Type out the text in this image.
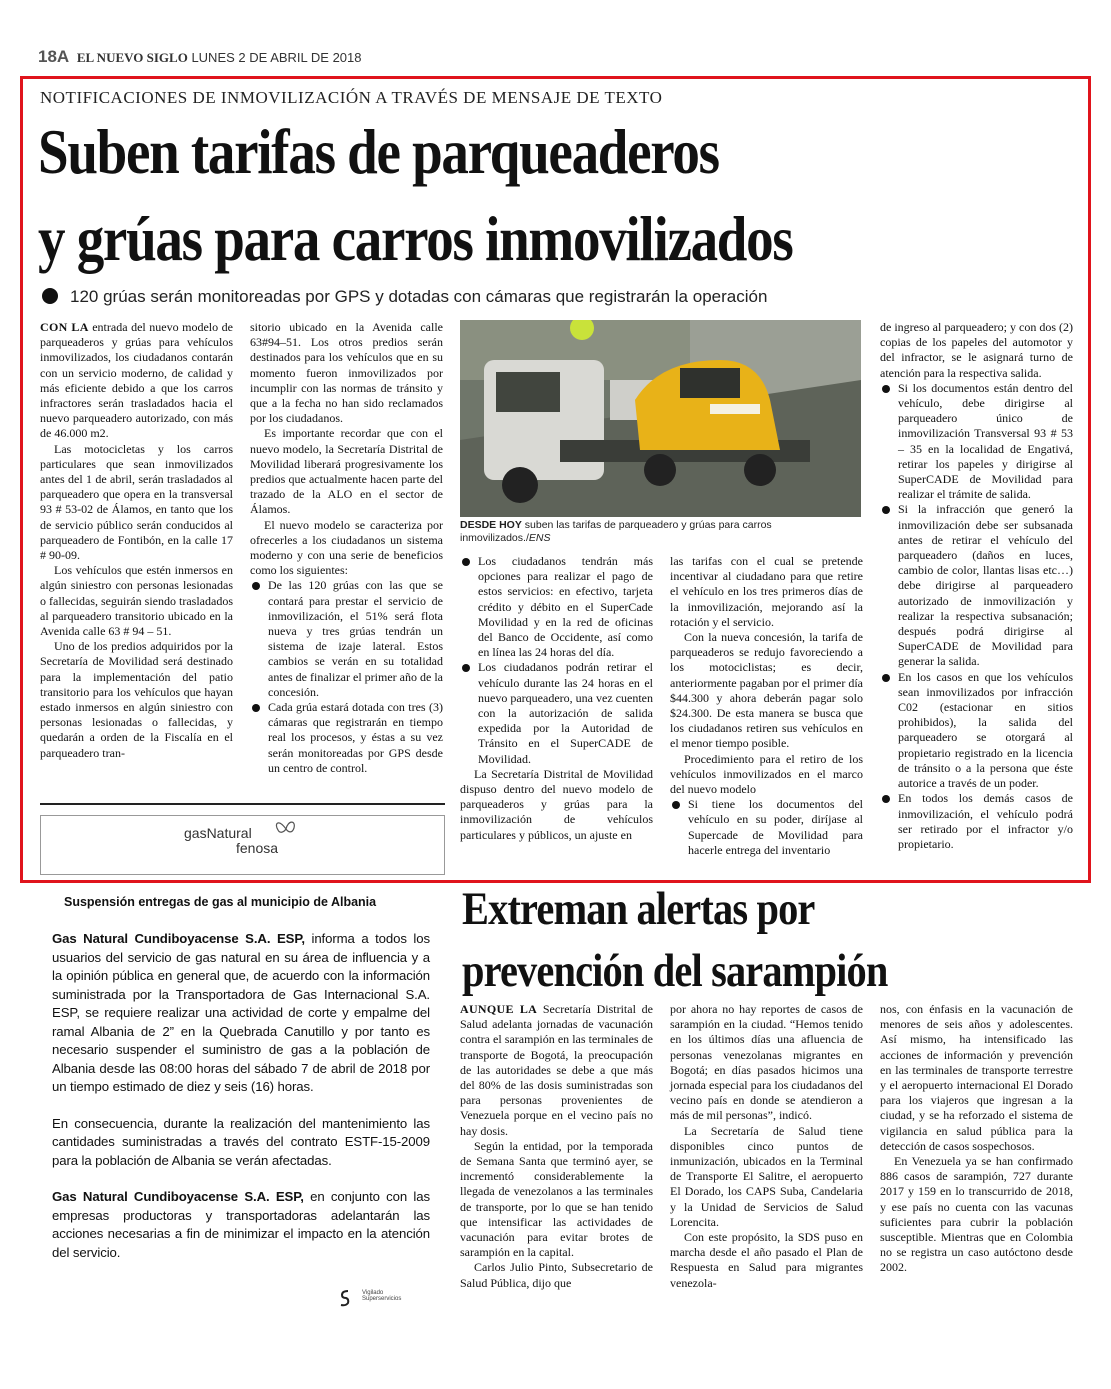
18A EL NUEVO SIGLO LUNES 2 DE ABRIL DE 2018
NOTIFICACIONES DE INMOVILIZACIÓN A TRAVÉS DE MENSAJE DE TEXTO
Suben tarifas de parqueaderos
y grúas para carros inmovilizados
120 grúas serán monitoreadas por GPS y dotadas con cámaras que registrarán la operación

CON LA entrada del nuevo modelo de parqueaderos y grúas para vehículos inmovilizados, los ciudadanos contarán con un servicio moderno, de calidad y más eficiente debido a que los carros infractores serán trasladados hacia el nuevo parqueadero autorizado, con más de 46.000 m2.

Las motocicletas y los carros particulares que sean inmovilizados antes del 1 de abril, serán trasladados al parqueadero que opera en la transversal 93 # 53-02 de Álamos, en tanto que los de servicio público serán conducidos al parqueadero de Fontibón, en la calle 17 # 90-09.

Los vehículos que estén inmersos en algún siniestro con personas lesionadas o fallecidas, seguirán siendo trasladados al parqueadero transitorio ubicado en la Avenida calle 63 # 94 – 51.

Uno de los predios adquiridos por la Secretaría de Movilidad será destinado para la implementación del patio transitorio para los vehículos que hayan estado inmersos en algún siniestro con personas lesionadas o fallecidas, y quedarán a orden de la Fiscalía en el parqueadero tran-

sitorio ubicado en la Avenida calle 63#94–51. Los otros predios serán destinados para los vehículos que en su momento fueron inmovilizados por incumplir con las normas de tránsito y que a la fecha no han sido reclamados por los ciudadanos.

Es importante recordar que con el nuevo modelo, la Secretaría Distrital de Movilidad liberará progresivamente los predios que actualmente hacen parte del trazado de la ALO en el sector de Álamos.

El nuevo modelo se caracteriza por ofrecerles a los ciudadanos un sistema moderno y con una serie de beneficios como los siguientes:

De las 120 grúas con las que se contará para prestar el servicio de inmovilización, el 51% será flota nueva y tres grúas tendrán un sistema de izaje lateral. Estos cambios se verán en su totalidad antes de finalizar el primer año de la concesión.
Cada grúa estará dotada con tres (3) cámaras que registrarán en tiempo real los procesos, y éstas a su vez serán monitoreadas por GPS desde un centro de control.
DESDE HOY suben las tarifas de parqueadero y grúas para carros inmovilizados./ENS
Los ciudadanos tendrán más opciones para realizar el pago de estos servicios: en efectivo, tarjeta crédito y débito en el SuperCade Movilidad y en la red de oficinas del Banco de Occidente, así como en línea las 24 horas del día.
Los ciudadanos podrán retirar el vehículo durante las 24 horas en el nuevo parqueadero, una vez cuenten con la autorización de salida expedida por la Autoridad de Tránsito en el SuperCADE de Movilidad.

La Secretaría Distrital de Movilidad dispuso dentro del nuevo modelo de parqueaderos y grúas para la inmovilización de vehículos particulares y públicos, un ajuste en

las tarifas con el cual se pretende incentivar al ciudadano para que retire el vehículo en los tres primeros días de la inmovilización, mejorando así la rotación y el servicio.

Con la nueva concesión, la tarifa de parqueaderos se redujo favoreciendo a los motociclistas; es decir, anteriormente pagaban por el primer día $44.300 y ahora deberán pagar solo $24.300. De esta manera se busca que los ciudadanos retiren sus vehículos en el menor tiempo posible.

Procedimiento para el retiro de los vehículos inmovilizados en el marco del nuevo modelo

Si tiene los documentos del vehículo en su poder, diríjase al Supercade de Movilidad para hacerle entrega del inventario

de ingreso al parqueadero; y con dos (2) copias de los papeles del automotor y del infractor, se le asignará turno de atención para la respectiva salida.

Si los documentos están dentro del vehículo, debe dirigirse al parqueadero único de inmovilización Transversal 93 # 53 – 35 en la localidad de Engativá, retirar los papeles y dirigirse al SuperCADE de Movilidad para realizar el trámite de salida.
Si la infracción que generó la inmovilización debe ser subsanada antes de retirar el vehículo del parqueadero (daños en luces, cambio de color, llantas lisas etc…) debe dirigirse al parqueadero autorizado de inmovilización y realizar la respectiva subsanación; después podrá dirigirse al SuperCADE de Movilidad para generar la salida.
En los casos en que los vehículos sean inmovilizados por infracción C02 (estacionar en sitios prohibidos), la salida del parqueadero se otorgará al propietario registrado en la licencia de tránsito o a la persona que éste autorice a través de un poder.
En todos los demás casos de inmovilización, el vehículo podrá ser retirado por el infractor y/o propietario.
gasNatural
fenosa
Suspensión entregas de gas al municipio de Albania

Gas Natural Cundiboyacense S.A. ESP, informa a todos los usuarios del servicio de gas natural en su área de influencia y a la opinión pública en general que, de acuerdo con la información suministrada por la Transportadora de Gas Internacional S.A. ESP, se requiere realizar una actividad de corte y empalme del ramal Albania de 2” en la Quebrada Canutillo y por tanto es necesario suspender el suministro de gas a la población de Albania desde las 08:00 horas del sábado 7 de abril de 2018 por un tiempo estimado de diez y seis (16) horas.

En consecuencia, durante la realización del mantenimiento las cantidades suministradas a través del contrato ESTF-15-2009 para la población de Albania se verán afectadas.

Gas Natural Cundiboyacense S.A. ESP, en conjunto con las empresas productoras y transportadoras adelantarán las acciones necesarias a fin de minimizar el impacto en la atención del servicio.

Vigilado
Superservicios
Extreman alertas por
prevención del sarampión

AUNQUE LA Secretaría Distrital de Salud adelanta jornadas de vacunación contra el sarampión en las terminales de transporte de Bogotá, la preocupación de las autoridades se debe a que más del 80% de las dosis suministradas son para personas provenientes de Venezuela porque en el vecino país no hay dosis.

Según la entidad, por la temporada de Semana Santa que terminó ayer, se incrementó considerablemente la llegada de venezolanos a las terminales de transporte, por lo que se han tenido que intensificar las actividades de vacunación para evitar brotes de sarampión en la capital.

Carlos Julio Pinto, Subsecretario de Salud Pública, dijo que

por ahora no hay reportes de casos de sarampión en la ciudad. “Hemos tenido en los últimos días una afluencia de personas venezolanas migrantes en Bogotá; en días pasados hicimos una jornada especial para los ciudadanos del vecino país en donde se atendieron a más de mil personas”, indicó.

La Secretaría de Salud tiene disponibles cinco puntos de inmunización, ubicados en la Terminal de Transporte El Salitre, el aeropuerto El Dorado, los CAPS Suba, Candelaria y la Unidad de Servicios de Salud Lorencita.

Con este propósito, la SDS puso en marcha desde el año pasado el Plan de Respuesta en Salud para migrantes venezola-

nos, con énfasis en la vacunación de menores de seis años y adolescentes. Así mismo, ha intensificado las acciones de información y prevención en las terminales de transporte terrestre y el aeropuerto internacional El Dorado para los viajeros que ingresan a la ciudad, y se ha reforzado el sistema de vigilancia en salud pública para la detección de casos sospechosos.

En Venezuela ya se han confirmado 886 casos de sarampión, 727 durante 2017 y 159 en lo transcurrido de 2018, y ese país no cuenta con las vacunas suficientes para cubrir la población susceptible. Mientras que en Colombia no se registra un caso autóctono desde 2002.
